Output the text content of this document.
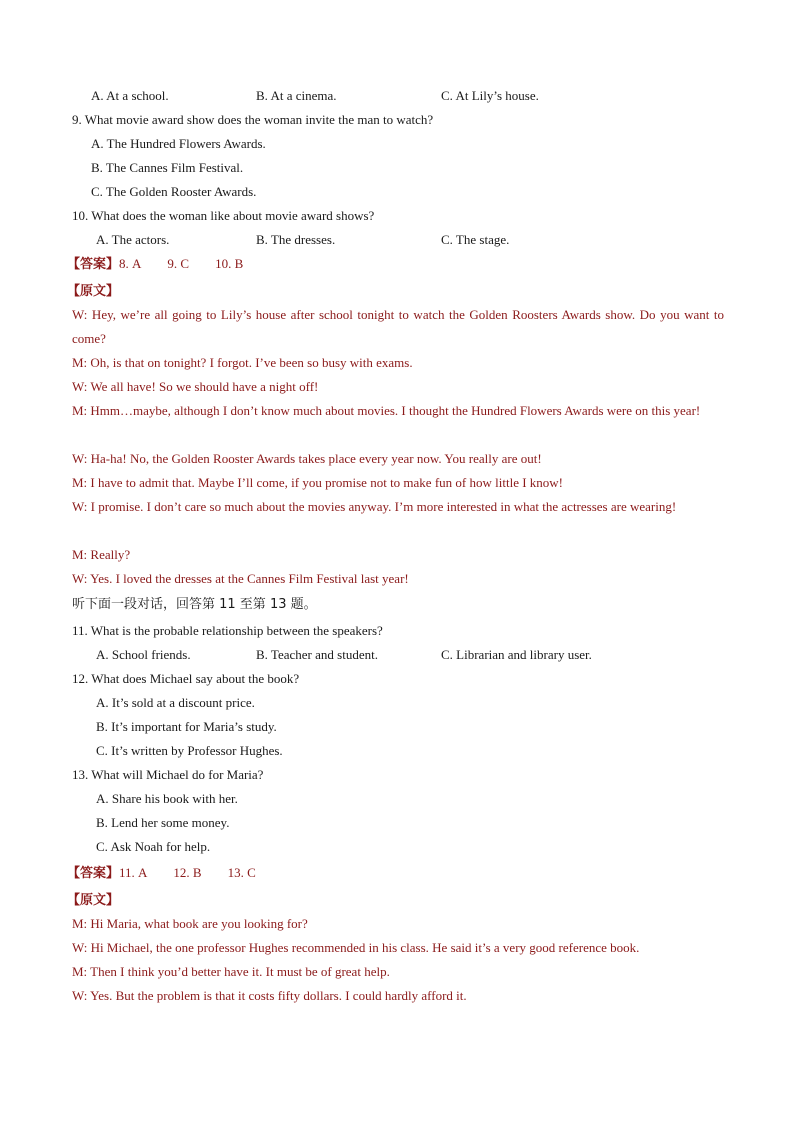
A. At a school.	B. At a cinema.	C. At Lily’s house.
9. What movie award show does the woman invite the man to watch?
A. The Hundred Flowers Awards.
B. The Cannes Film Festival.
C. The Golden Rooster Awards.
10. What does the woman like about movie award shows?
A. The actors.	B. The dresses.	C. The stage.
【答案】8. A 9. C 10. B
【原文】
W: Hey, we’re all going to Lily’s house after school tonight to watch the Golden Roosters Awards show. Do you want to come?
M: Oh, is that on tonight? I forgot. I’ve been so busy with exams.
W: We all have! So we should have a night off!
M: Hmm…maybe, although I don’t know much about movies. I thought the Hundred Flowers Awards were on this year!
W: Ha-ha! No, the Golden Rooster Awards takes place every year now. You really are out!
M: I have to admit that. Maybe I’ll come, if you promise not to make fun of how little I know!
W: I promise. I don’t care so much about the movies anyway. I’m more interested in what the actresses are wearing!
M: Really?
W: Yes. I loved the dresses at the Cannes Film Festival last year!
听下面一段对话，回答第 11 至第 13 题。
11. What is the probable relationship between the speakers?
A. School friends.	B. Teacher and student.	C. Librarian and library user.
12. What does Michael say about the book?
A. It’s sold at a discount price.
B. It’s important for Maria’s study.
C. It’s written by Professor Hughes.
13. What will Michael do for Maria?
A. Share his book with her.
B. Lend her some money.
C. Ask Noah for help.
【答案】11. A 12. B 13. C
【原文】
M: Hi Maria, what book are you looking for?
W: Hi Michael, the one professor Hughes recommended in his class. He said it’s a very good reference book.
M: Then I think you’d better have it. It must be of great help.
W: Yes. But the problem is that it costs fifty dollars. I could hardly afford it.
